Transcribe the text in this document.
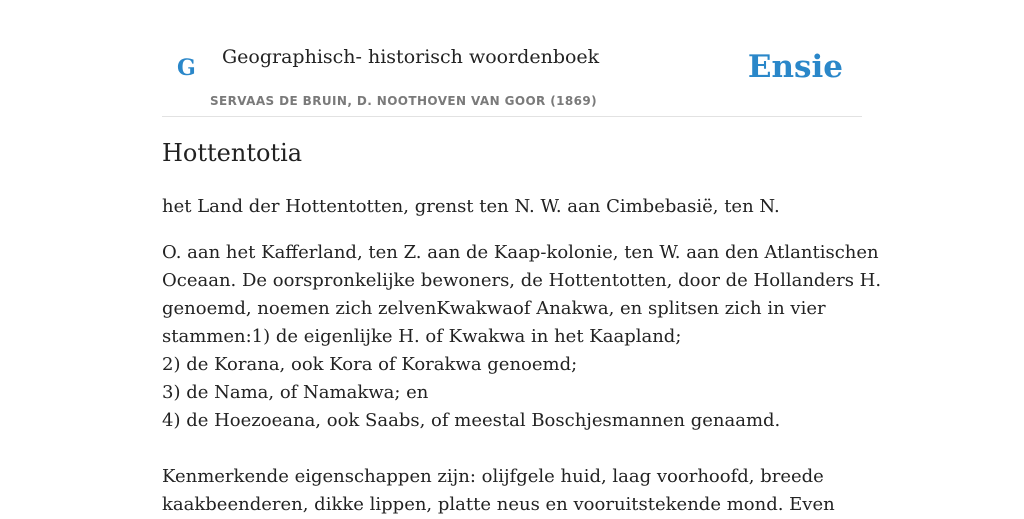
G Geographisch- historisch woordenboek
SERVAAS DE BRUIN, D. NOOTHOVEN VAN GOOR (1869)
Ensie
Hottentotia

het Land der Hottentotten, grenst ten N. W. aan Cimbebasië, ten N.

O. aan het Kafferland, ten Z. aan de Kaap-kolonie, ten W. aan den Atlantischen
Oceaan. De oorspronkelijke bewoners, de Hottentotten, door de Hollanders H.
genoemd, noemen zich zelvenKwakwaof Anakwa, en splitsen zich in vier
stammen:1) de eigenlijke H. of Kwakwa in het Kaapland;
2) de Korana, ook Kora of Korakwa genoemd;
3) de Nama, of Namakwa; en
4) de Hoezoeana, ook Saabs, of meestal Boschjesmannen genaamd.
Kenmerkende eigenschappen zijn: olijfgele huid, laag voorhoofd, breede
kaakbeenderen, dikke lippen, platte neus en vooruitstekende mond. Even
